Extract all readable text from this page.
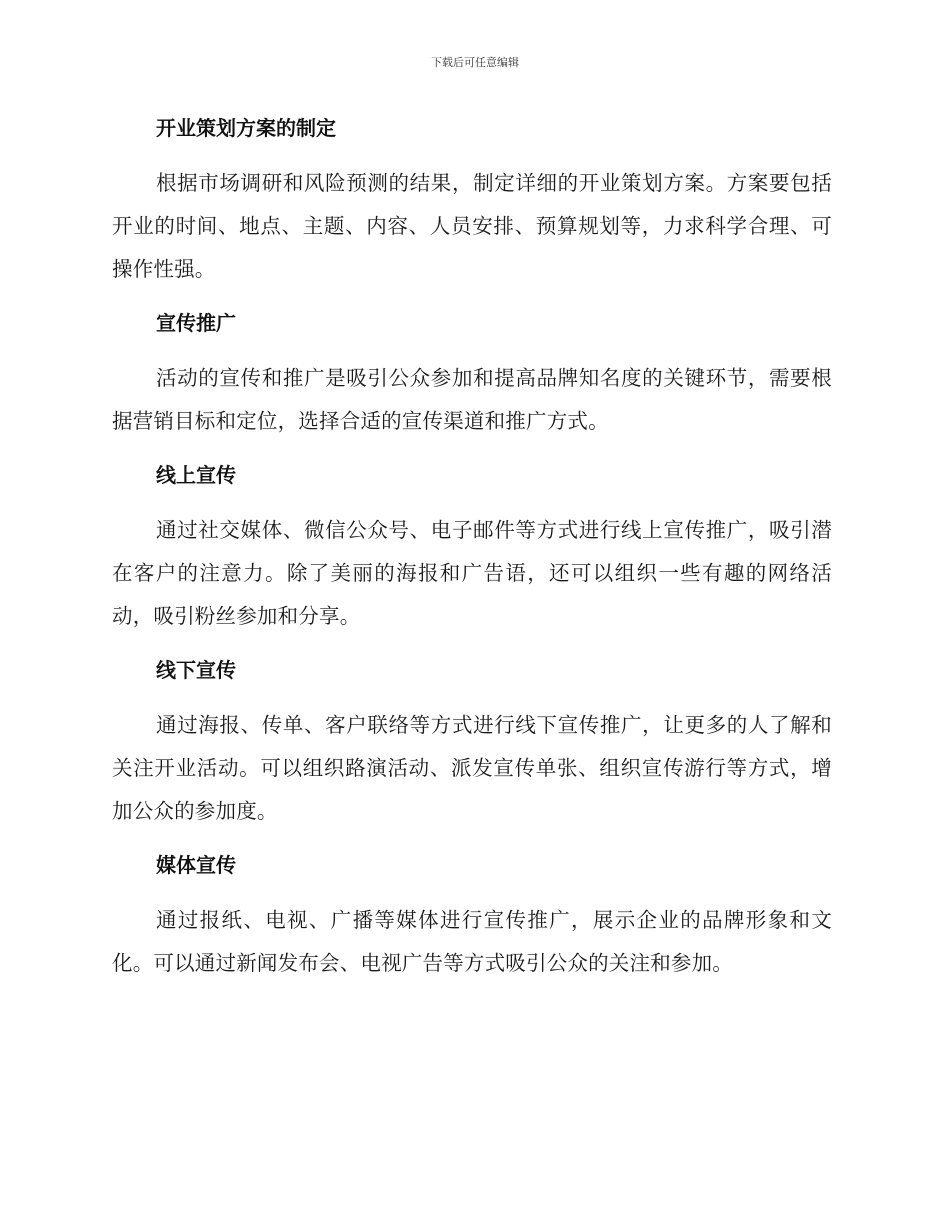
下载后可任意编辑
开业策划方案的制定

根据市场调研和风险预测的结果，制定详细的开业策划方案。方案要包括开业的时间、地点、主题、内容、人员安排、预算规划等，力求科学合理、可操作性强。

宣传推广

活动的宣传和推广是吸引公众参加和提高品牌知名度的关键环节，需要根据营销目标和定位，选择合适的宣传渠道和推广方式。

线上宣传

通过社交媒体、微信公众号、电子邮件等方式进行线上宣传推广，吸引潜在客户的注意力。除了美丽的海报和广告语，还可以组织一些有趣的网络活动，吸引粉丝参加和分享。

线下宣传

通过海报、传单、客户联络等方式进行线下宣传推广，让更多的人了解和关注开业活动。可以组织路演活动、派发宣传单张、组织宣传游行等方式，增加公众的参加度。

媒体宣传

通过报纸、电视、广播等媒体进行宣传推广，展示企业的品牌形象和文化。可以通过新闻发布会、电视广告等方式吸引公众的关注和参加。
